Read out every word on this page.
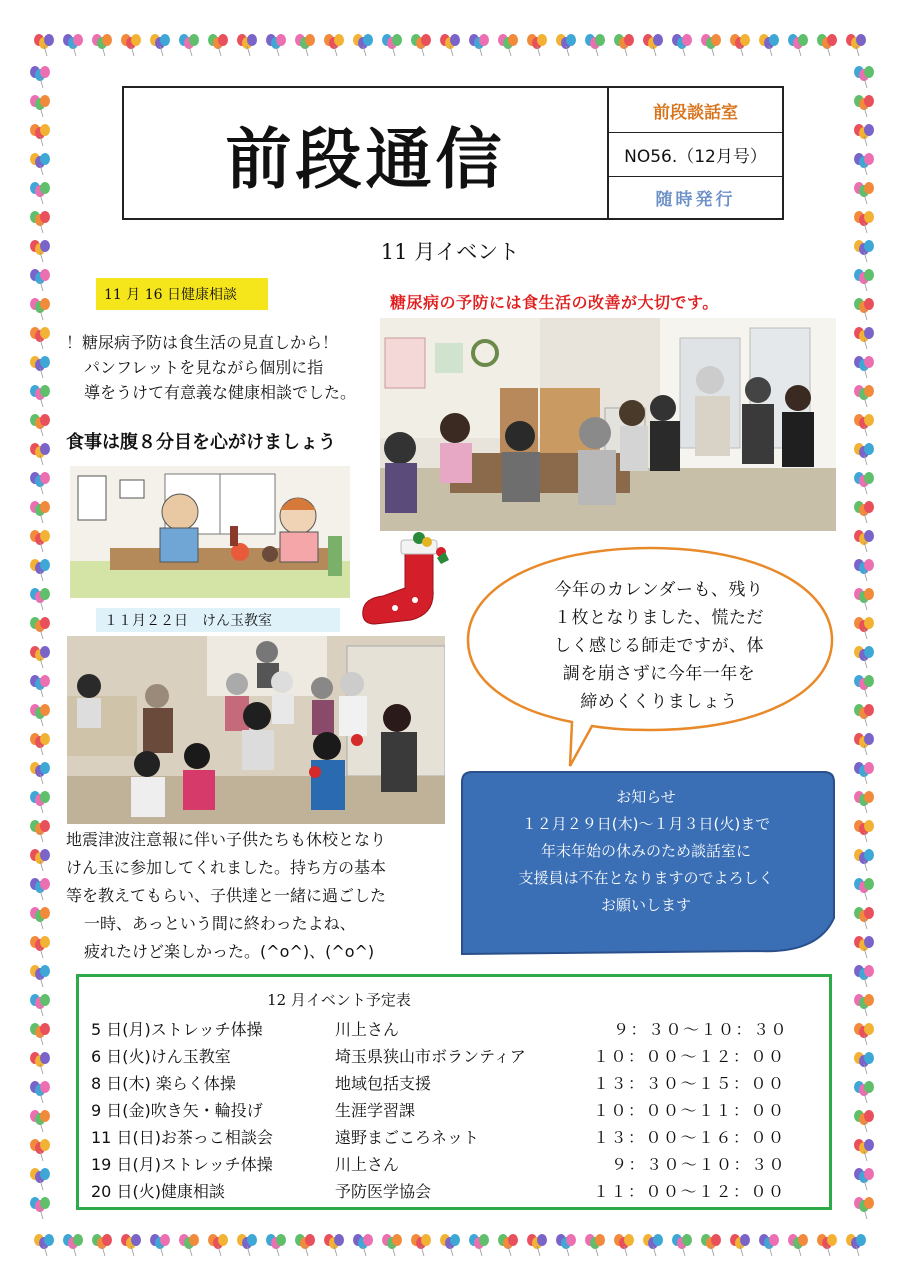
前段通信
前段談話室
NO56.（12月号）
随時発行
11 月イベント
11 月 16 日健康相談	糖尿病の予防には食生活の改善が大切です。
！糖尿病予防は食生活の見直しから！
パンフレットを見ながら個別に指
導をうけて有意義な健康相談でした。
食事は腹８分目を心がけましょう
１１月２２日　けん玉教室
地震津波注意報に伴い子供たちも休校となり
けん玉に参加してくれました。持ち方の基本
等を教えてもらい、子供達と一緒に過ごした
一時、あっという間に終わったよね、
疲れたけど楽しかった。(^o^)、(^o^)
今年のカレンダーも、残り
１枚となりました、慌ただ
しく感じる師走ですが、体
調を崩さずに今年一年を
締めくくりましょう
お知らせ
１２月２９日(木)～１月３日(火)まで
年末年始の休みのため談話室に
支援員は不在となりますのでよろしく
お願いします
12 月イベント予定表
5 日(月)ストレッチ体操	川上さん	９：３０～１０：３０
6 日(火)けん玉教室	埼玉県狭山市ボランティア	１０：００～１２：００
8 日(木) 楽らく体操	地域包括支援	１３：３０～１５：００
9 日(金)吹き矢・輪投げ	生涯学習課	１０：００～１１：００
11 日(日)お茶っこ相談会	遠野まごころネット	１３：００～１６：００
19 日(月)ストレッチ体操	川上さん	９：３０～１０：３０
20 日(火)健康相談	予防医学協会	１１：００～１２：００
